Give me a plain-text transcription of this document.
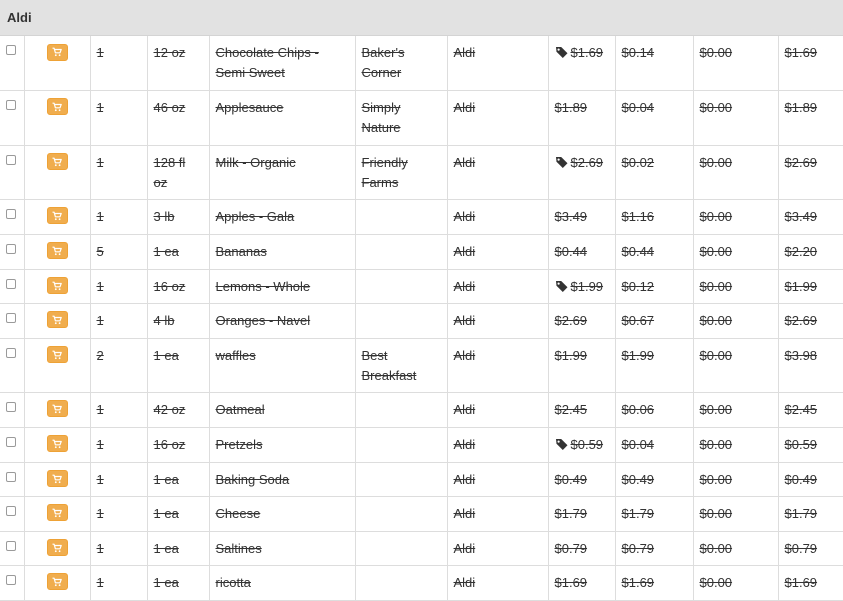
Aldi

	1	12 oz	Chocolate Chips - Semi Sweet	Baker's Corner	Aldi	$1.69	$0.14	$0.00	$1.69

	1	46 oz	Applesauce	Simply Nature	Aldi	$1.89	$0.04	$0.00	$1.89

	1	128 fl oz	Milk - Organic	Friendly Farms	Aldi	$2.69	$0.02	$0.00	$2.69

	1	3 lb	Apples - Gala		Aldi	$3.49	$1.16	$0.00	$3.49

	5	1 ea	Bananas		Aldi	$0.44	$0.44	$0.00	$2.20

	1	16 oz	Lemons - Whole		Aldi	$1.99	$0.12	$0.00	$1.99

	1	4 lb	Oranges - Navel		Aldi	$2.69	$0.67	$0.00	$2.69

	2	1 ea	waffles	Best Breakfast	Aldi	$1.99	$1.99	$0.00	$3.98

	1	42 oz	Oatmeal		Aldi	$2.45	$0.06	$0.00	$2.45

	1	16 oz	Pretzels		Aldi	$0.59	$0.04	$0.00	$0.59

	1	1 ea	Baking Soda		Aldi	$0.49	$0.49	$0.00	$0.49

	1	1 ea	Cheese		Aldi	$1.79	$1.79	$0.00	$1.79

	1	1 ea	Saltines		Aldi	$0.79	$0.79	$0.00	$0.79

	1	1 ea	ricotta		Aldi	$1.69	$1.69	$0.00	$1.69
